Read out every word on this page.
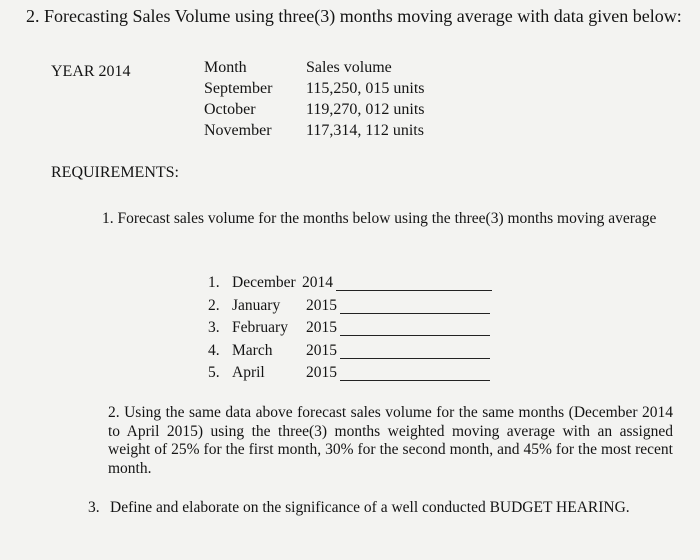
2. Forecasting Sales Volume using three(3) months moving average with data given below:
YEAR 2014	Month
September
October
November
Sales volume
115,250, 015 units
119,270, 012 units
117,314, 112 units
REQUIREMENTS:
1. Forecast sales volume for the months below using the three(3) months moving average
1. December 2014
2. January 2015
3. February 2015
4. March 2015
5. April	2015
2. Using the same data above forecast sales volume for the same months (December 2014 to April 2015) using the three(3) months weighted moving average with an assigned weight of 25% for the first month, 30% for the second month, and 45% for the most recent month.
3. Define and elaborate on the significance of a well conducted BUDGET HEARING.
